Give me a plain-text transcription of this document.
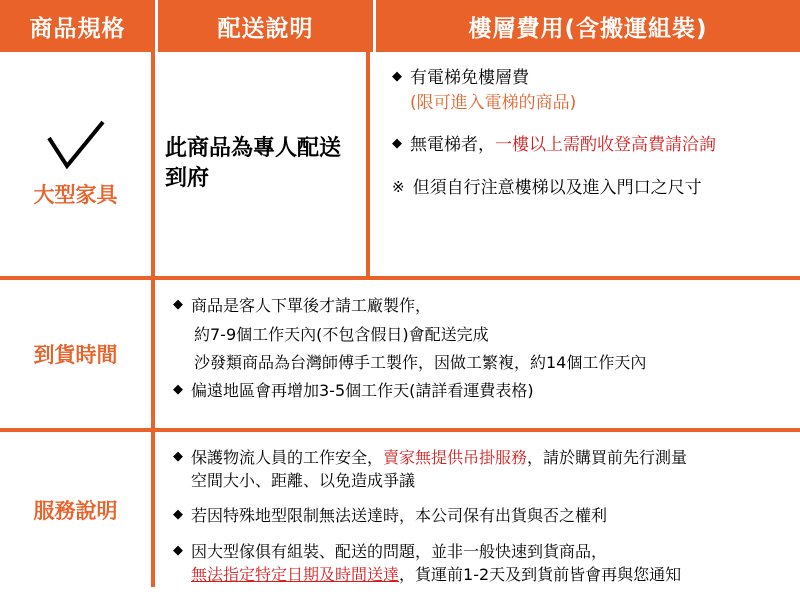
商品規格	配送說明	樓層費用(含搬運組裝)
大型家具
此商品為專人配送到府
◆ 有電梯免樓層費
(限可進入電梯的商品)
◆ 無電梯者，一樓以上需酌收登高費請洽詢
※ 但須自行注意樓梯以及進入門口之尺寸
到貨時間
◆ 商品是客人下單後才請工廠製作，
約7-9個工作天內(不包含假日)會配送完成
沙發類商品為台灣師傅手工製作，因做工繁複，約14個工作天內
◆ 偏遠地區會再增加3-5個工作天(請詳看運費表格)
服務說明
◆ 保護物流人員的工作安全，賣家無提供吊掛服務，請於購買前先行測量
空間大小、距離、以免造成爭議
◆ 若因特殊地型限制無法送達時，本公司保有出貨與否之權利
◆ 因大型傢俱有組裝、配送的問題，並非一般快速到貨商品，
無法指定特定日期及時間送達，貨運前1-2天及到貨前皆會再與您通知
